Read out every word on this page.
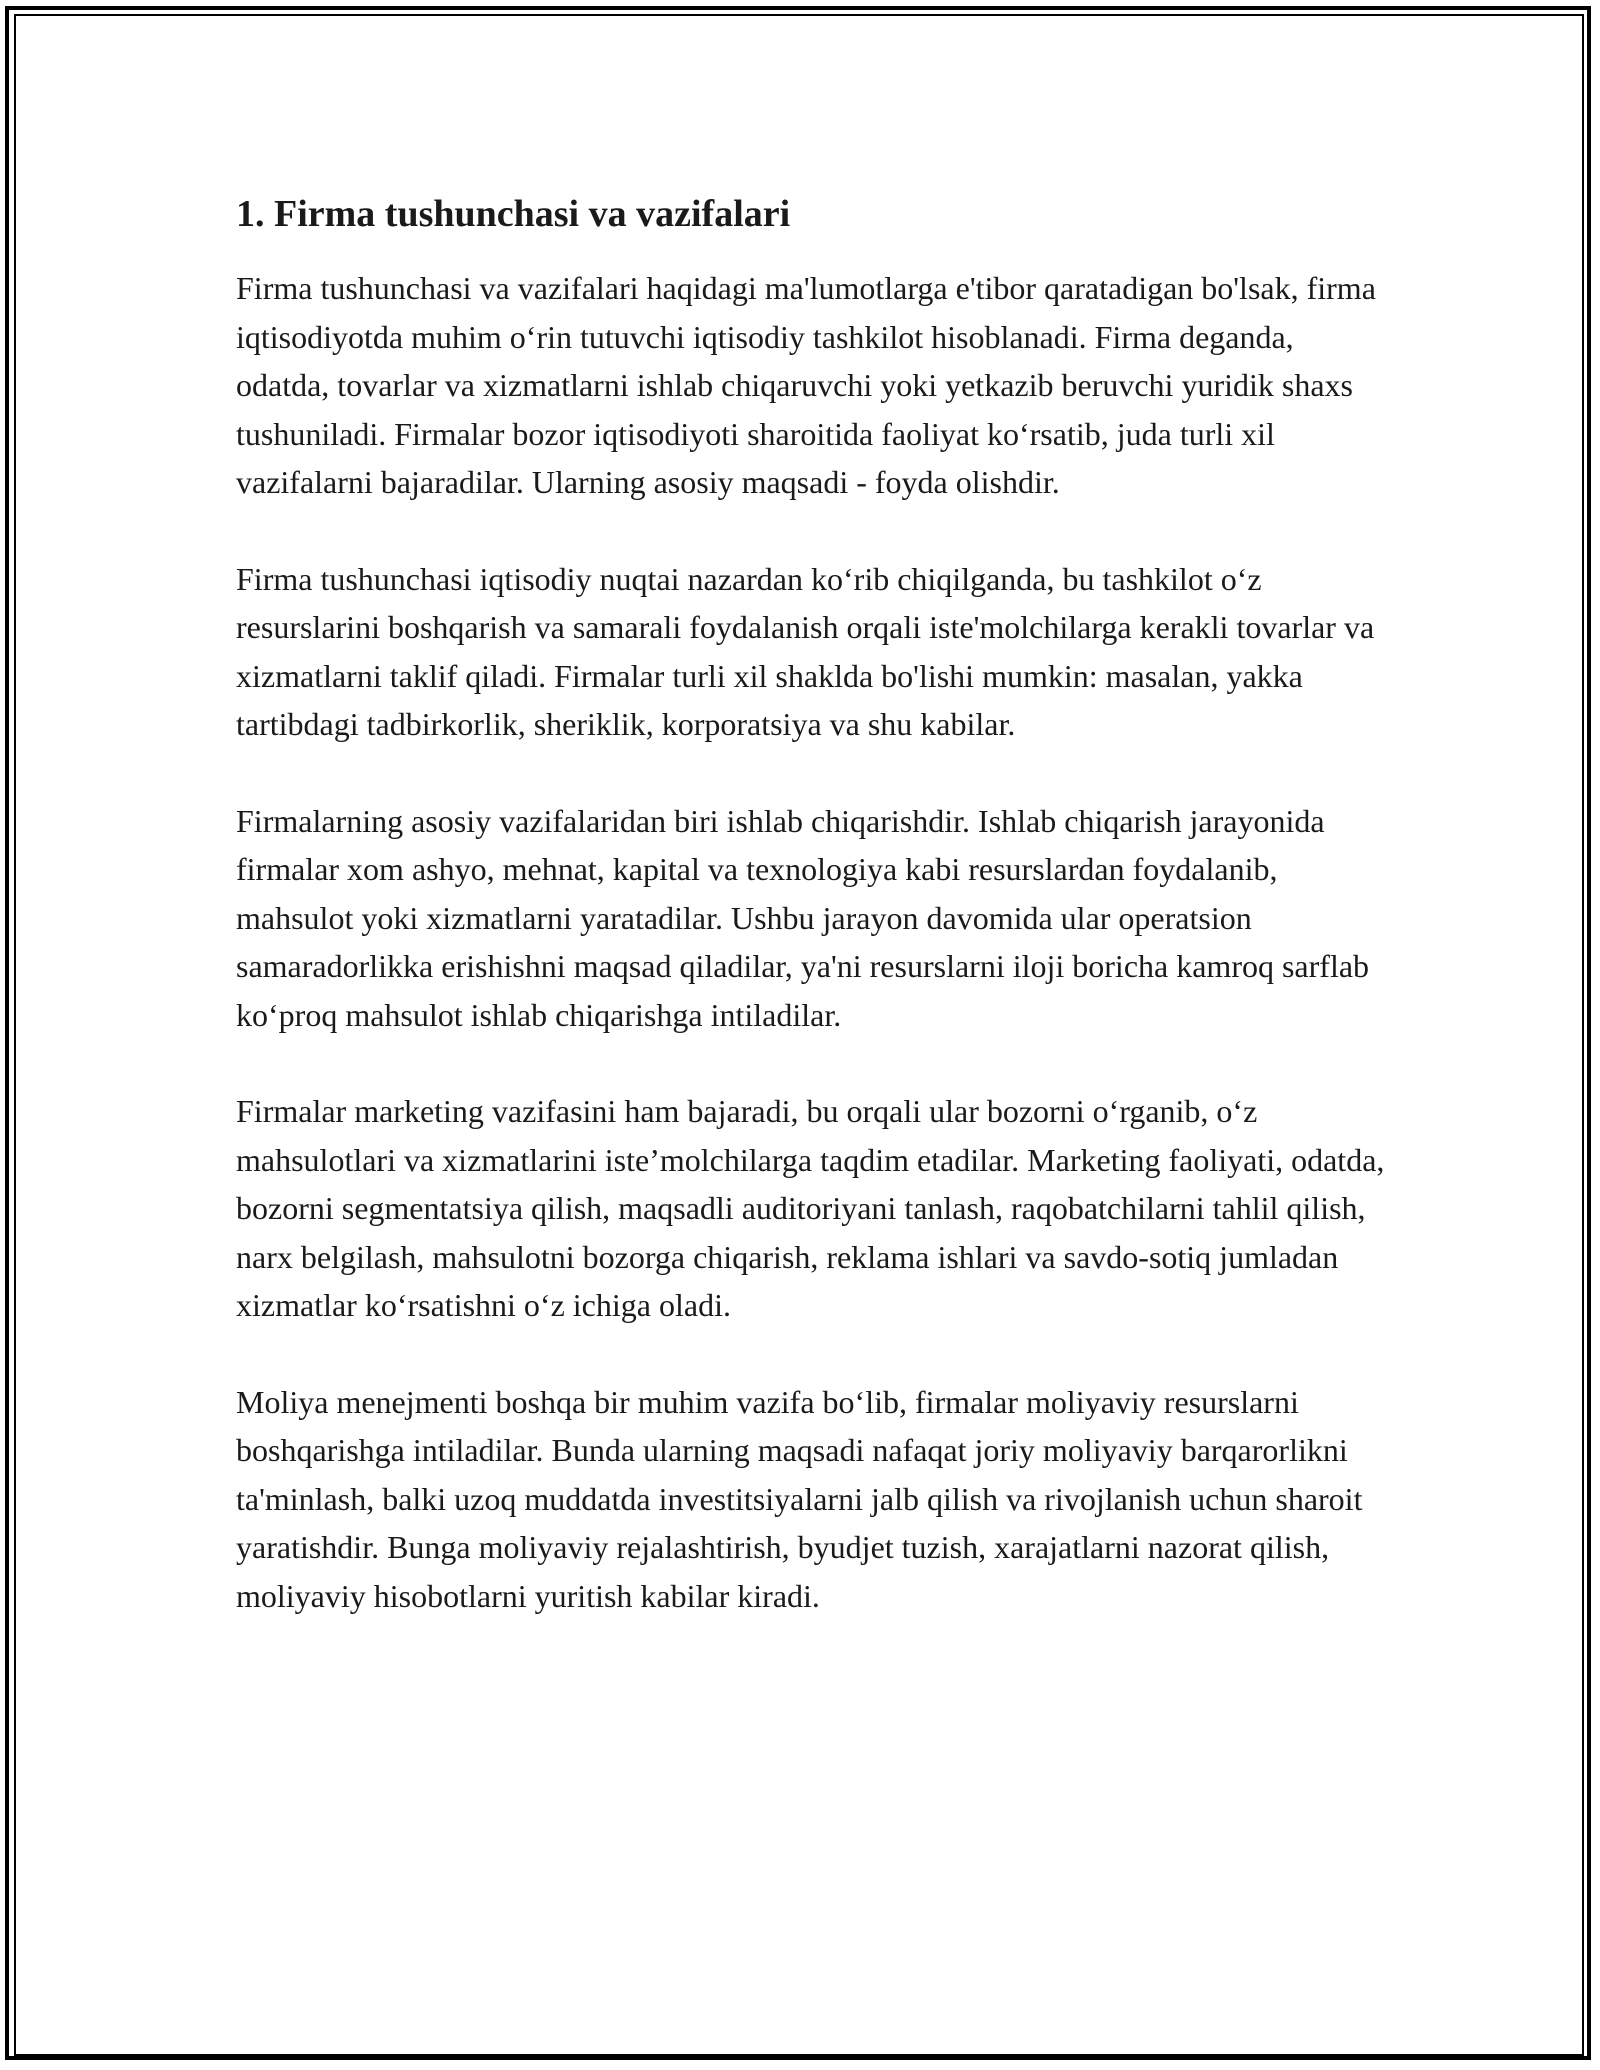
1. Firma tushunchasi va vazifalari

Firma tushunchasi va vazifalari haqidagi ma'lumotlarga e'tibor qaratadigan bo'lsak, firma iqtisodiyotda muhim o‘rin tutuvchi iqtisodiy tashkilot hisoblanadi. Firma deganda, odatda, tovarlar va xizmatlarni ishlab chiqaruvchi yoki yetkazib beruvchi yuridik shaxs tushuniladi. Firmalar bozor iqtisodiyoti sharoitida faoliyat ko‘rsatib, juda turli xil vazifalarni bajaradilar. Ularning asosiy maqsadi - foyda olishdir.

Firma tushunchasi iqtisodiy nuqtai nazardan ko‘rib chiqilganda, bu tashkilot o‘z resurslarini boshqarish va samarali foydalanish orqali iste'molchilarga kerakli tovarlar va xizmatlarni taklif qiladi. Firmalar turli xil shaklda bo'lishi mumkin: masalan, yakka tartibdagi tadbirkorlik, sheriklik, korporatsiya va shu kabilar.

Firmalarning asosiy vazifalaridan biri ishlab chiqarishdir. Ishlab chiqarish jarayonida firmalar xom ashyo, mehnat, kapital va texnologiya kabi resurslardan foydalanib, mahsulot yoki xizmatlarni yaratadilar. Ushbu jarayon davomida ular operatsion samaradorlikka erishishni maqsad qiladilar, ya'ni resurslarni iloji boricha kamroq sarflab ko‘proq mahsulot ishlab chiqarishga intiladilar.

Firmalar marketing vazifasini ham bajaradi, bu orqali ular bozorni o‘rganib, o‘z mahsulotlari va xizmatlarini iste’molchilarga taqdim etadilar. Marketing faoliyati, odatda, bozorni segmentatsiya qilish, maqsadli auditoriyani tanlash, raqobatchilarni tahlil qilish, narx belgilash, mahsulotni bozorga chiqarish, reklama ishlari va savdo-sotiq jumladan xizmatlar ko‘rsatishni o‘z ichiga oladi.

Moliya menejmenti boshqa bir muhim vazifa bo‘lib, firmalar moliyaviy resurslarni boshqarishga intiladilar. Bunda ularning maqsadi nafaqat joriy moliyaviy barqarorlikni ta'minlash, balki uzoq muddatda investitsiyalarni jalb qilish va rivojlanish uchun sharoit yaratishdir. Bunga moliyaviy rejalashtirish, byudjet tuzish, xarajatlarni nazorat qilish, moliyaviy hisobotlarni yuritish kabilar kiradi.
